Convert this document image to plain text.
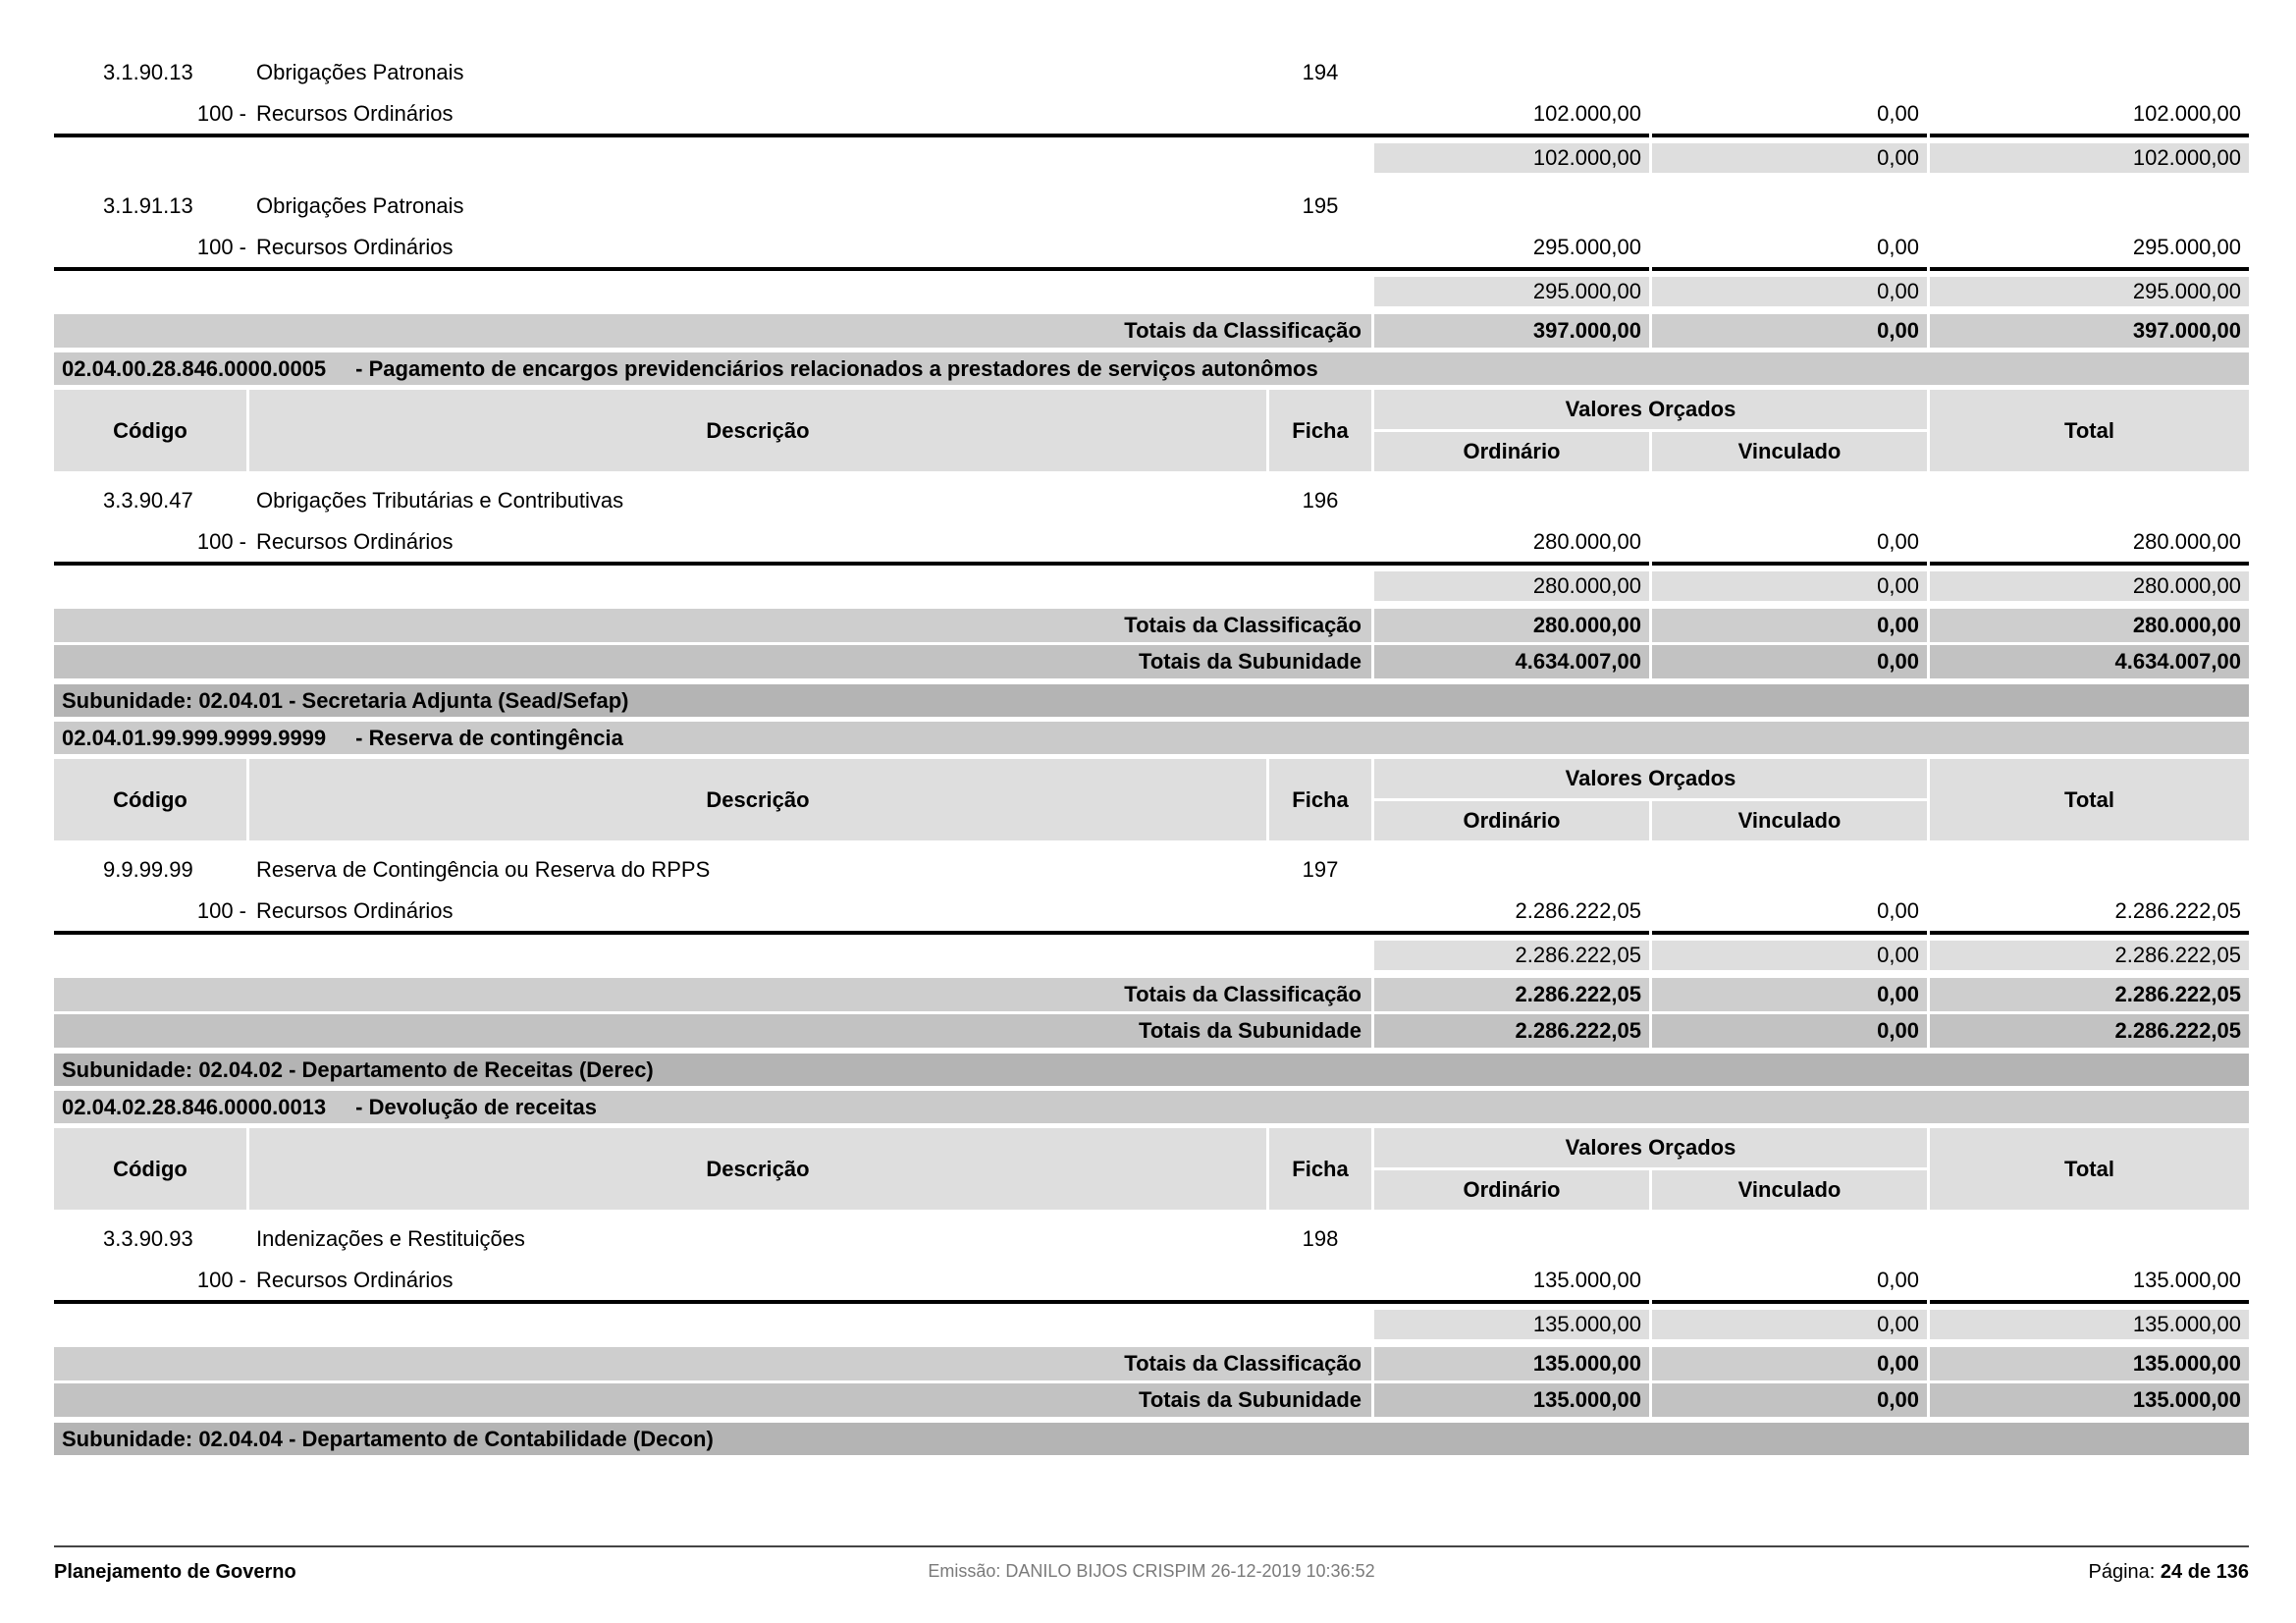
3.1.90.13	Obrigações Patronais	194
100 - Recursos Ordinários	102.000,00	0,00	102.000,00
102.000,00	0,00	102.000,00
3.1.91.13	Obrigações Patronais	195
100 - Recursos Ordinários	295.000,00	0,00	295.000,00
295.000,00	0,00	295.000,00
Totais da Classificação	397.000,00	0,00	397.000,00
02.04.00.28.846.0000.0005 - Pagamento de encargos previdenciários relacionados a prestadores de serviços autonômos
Código	Descrição	Ficha
Valores Orçados
Ordinário	Vinculado
Total
3.3.90.47	Obrigações Tributárias e Contributivas	196
100 - Recursos Ordinários	280.000,00	0,00	280.000,00
280.000,00	0,00	280.000,00
Totais da Classificação	280.000,00	0,00	280.000,00
Totais da Subunidade	4.634.007,00	0,00	4.634.007,00
Subunidade: 02.04.01 - Secretaria Adjunta (Sead/Sefap)
02.04.01.99.999.9999.9999 - Reserva de contingência
Código	Descrição	Ficha
Valores Orçados
Ordinário	Vinculado
Total
9.9.99.99	Reserva de Contingência ou Reserva do RPPS	197
100 - Recursos Ordinários	2.286.222,05	0,00	2.286.222,05
2.286.222,05	0,00	2.286.222,05
Totais da Classificação	2.286.222,05	0,00	2.286.222,05
Totais da Subunidade	2.286.222,05	0,00	2.286.222,05
Subunidade: 02.04.02 - Departamento de Receitas (Derec)
02.04.02.28.846.0000.0013 - Devolução de receitas
Código	Descrição	Ficha
Valores Orçados
Ordinário	Vinculado
Total
3.3.90.93	Indenizações e Restituições	198
100 - Recursos Ordinários	135.000,00	0,00	135.000,00
135.000,00	0,00	135.000,00
Totais da Classificação	135.000,00	0,00	135.000,00
Totais da Subunidade	135.000,00	0,00	135.000,00
Subunidade: 02.04.04 - Departamento de Contabilidade (Decon)
Planejamento de Governo	Emissão: DANILO BIJOS CRISPIM 26-12-2019 10:36:52	Página: 24 de 136
